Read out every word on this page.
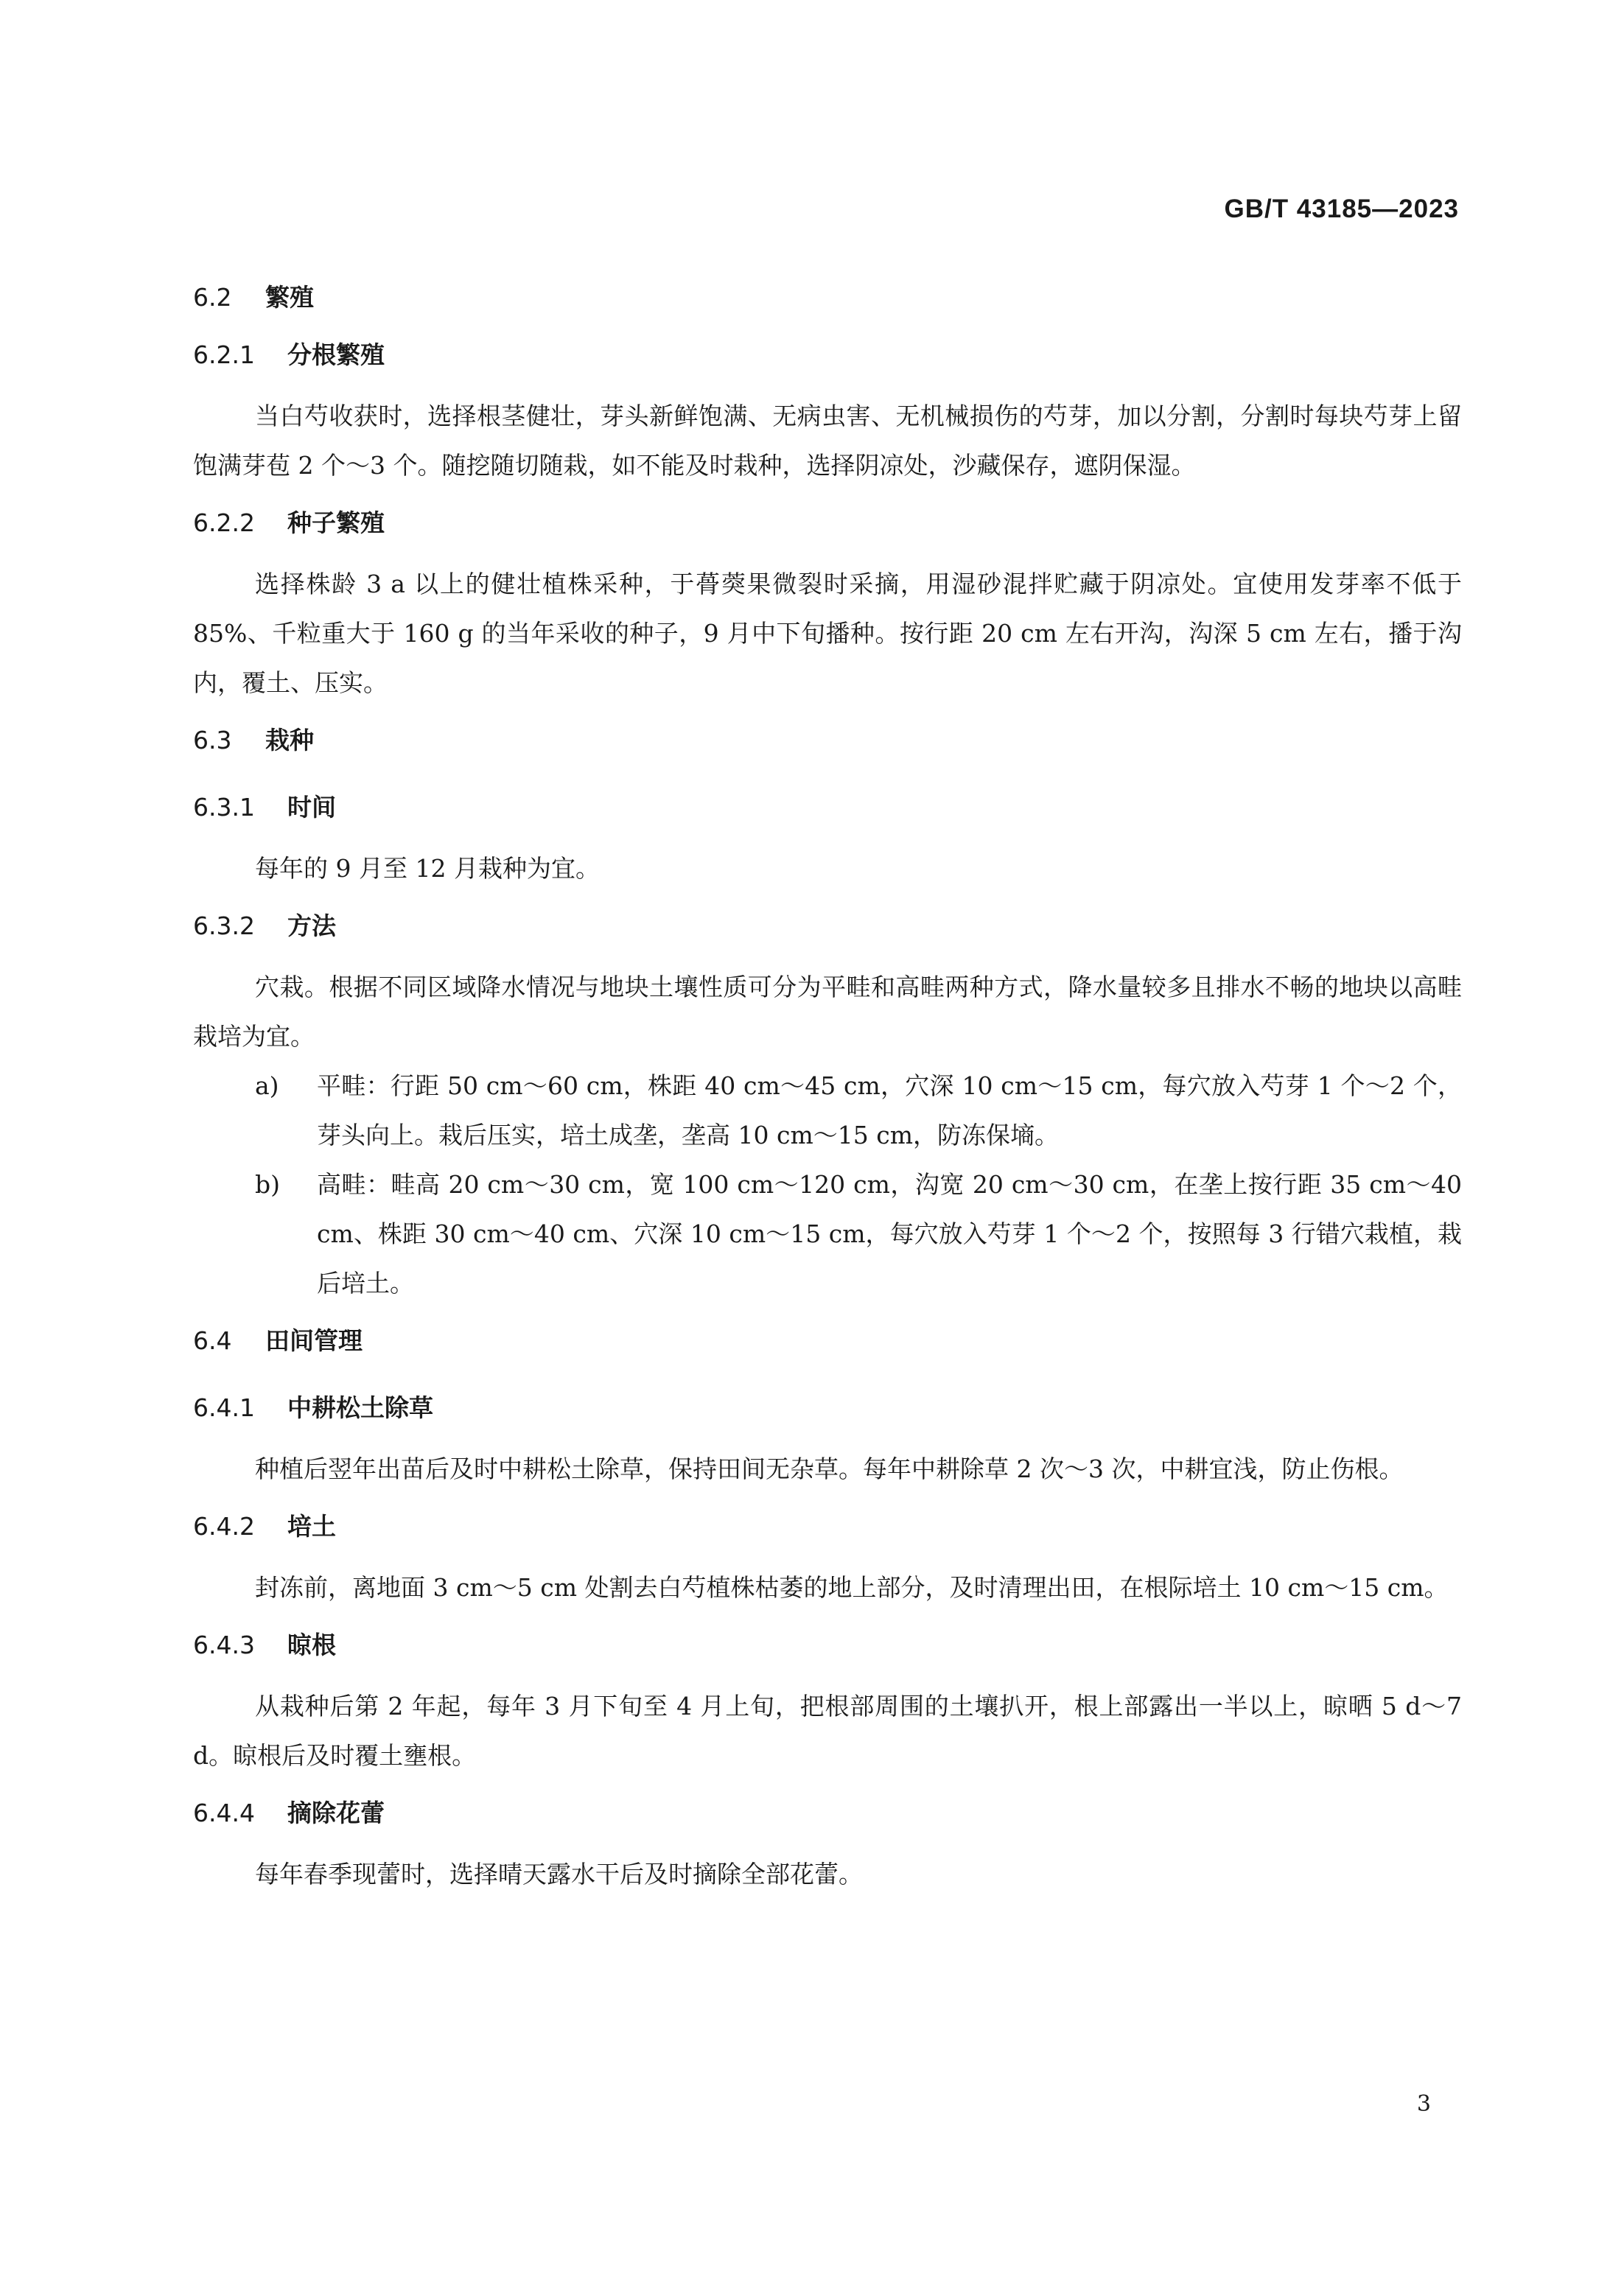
GB/T 43185—2023
6.2	繁殖
6.2.1	分根繁殖

当白芍收获时，选择根茎健壮，芽头新鲜饱满、无病虫害、无机械损伤的芍芽，加以分割，分割时每块芍芽上留饱满芽苞 2 个～3 个。随挖随切随栽，如不能及时栽种，选择阴凉处，沙藏保存，遮阴保湿。

6.2.2	种子繁殖

选择株龄 3 a 以上的健壮植株采种，于蓇葖果微裂时采摘，用湿砂混拌贮藏于阴凉处。宜使用发芽率不低于 85%、千粒重大于 160 g 的当年采收的种子，9 月中下旬播种。按行距 20 cm 左右开沟，沟深 5 cm 左右，播于沟内，覆土、压实。

6.3	栽种
6.3.1	时间

每年的 9 月至 12 月栽种为宜。

6.3.2	方法

穴栽。根据不同区域降水情况与地块土壤性质可分为平畦和高畦两种方式，降水量较多且排水不畅的地块以高畦栽培为宜。

a)	平畦：行距 50 cm～60 cm，株距 40 cm～45 cm，穴深 10 cm～15 cm，每穴放入芍芽 1 个～2 个，芽头向上。栽后压实，培土成垄，垄高 10 cm～15 cm，防冻保墒。
b)	高畦：畦高 20 cm～30 cm，宽 100 cm～120 cm，沟宽 20 cm～30 cm，在垄上按行距 35 cm～40 cm、株距 30 cm～40 cm、穴深 10 cm～15 cm，每穴放入芍芽 1 个～2 个，按照每 3 行错穴栽植，栽后培土。
6.4	田间管理
6.4.1	中耕松土除草

种植后翌年出苗后及时中耕松土除草，保持田间无杂草。每年中耕除草 2 次～3 次，中耕宜浅，防止伤根。

6.4.2	培土

封冻前，离地面 3 cm～5 cm 处割去白芍植株枯萎的地上部分，及时清理出田，在根际培土 10 cm～15 cm。

6.4.3	晾根

从栽种后第 2 年起，每年 3 月下旬至 4 月上旬，把根部周围的土壤扒开，根上部露出一半以上，晾晒 5 d～7 d。晾根后及时覆土壅根。

6.4.4	摘除花蕾

每年春季现蕾时，选择晴天露水干后及时摘除全部花蕾。

3
